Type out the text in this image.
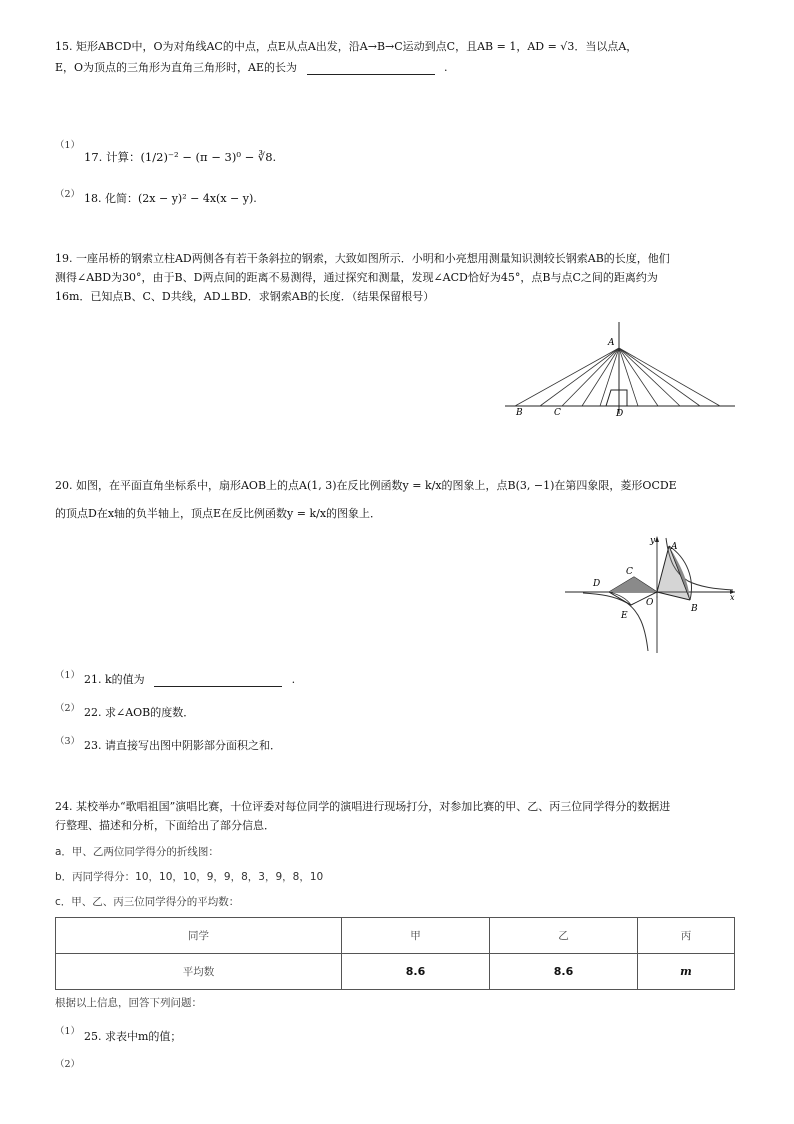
15. 矩形ABCD中，O为对角线AC的中点，点E从点A出发，沿A→B→C运动到点C，且AB = 1，AD = √3．当以点A，
E，O为顶点的三角形为直角三角形时，AE的长为	.
（1）
17. 计算：(1/2)⁻² − (π − 3)⁰ − ∛8.
（2） 18. 化简：(2x − y)² − 4x(x − y).
19. 一座吊桥的钢索立柱AD两侧各有若干条斜拉的钢索，大致如图所示．小明和小亮想用测量知识测较长钢索AB的长度，他们
测得∠ABD为30°，由于B、D两点间的距离不易测得，通过探究和测量，发现∠ACD恰好为45°，点B与点C之间的距离约为
16m．已知点B、C、D共线，AD⊥BD．求钢索AB的长度．（结果保留根号）
A
B	C	D
20. 如图，在平面直角坐标系中，扇形AOB上的点A(1, 3)在反比例函数y = k/x的图象上，点B(3, −1)在第四象限，菱形OCDE
的顶点D在x轴的负半轴上，顶点E在反比例函数y = k/x的图象上．
y
x
A
B
C
D
E
O
（1） 21. k的值为	.
（2） 22. 求∠AOB的度数．
（3） 23. 请直接写出图中阴影部分面积之和．
24. 某校举办“歌唱祖国”演唱比赛，十位评委对每位同学的演唱进行现场打分，对参加比赛的甲、乙、丙三位同学得分的数据进
行整理、描述和分析，下面给出了部分信息．
a．甲、乙两位同学得分的折线图：
b．丙同学得分：10，10，10，9，9，8，3，9，8，10
c．甲、乙、丙三位同学得分的平均数：
同学	甲	乙	丙
平均数	8.6	8.6	m
根据以上信息，回答下列问题：
（1） 25. 求表中m的值；
（2）
